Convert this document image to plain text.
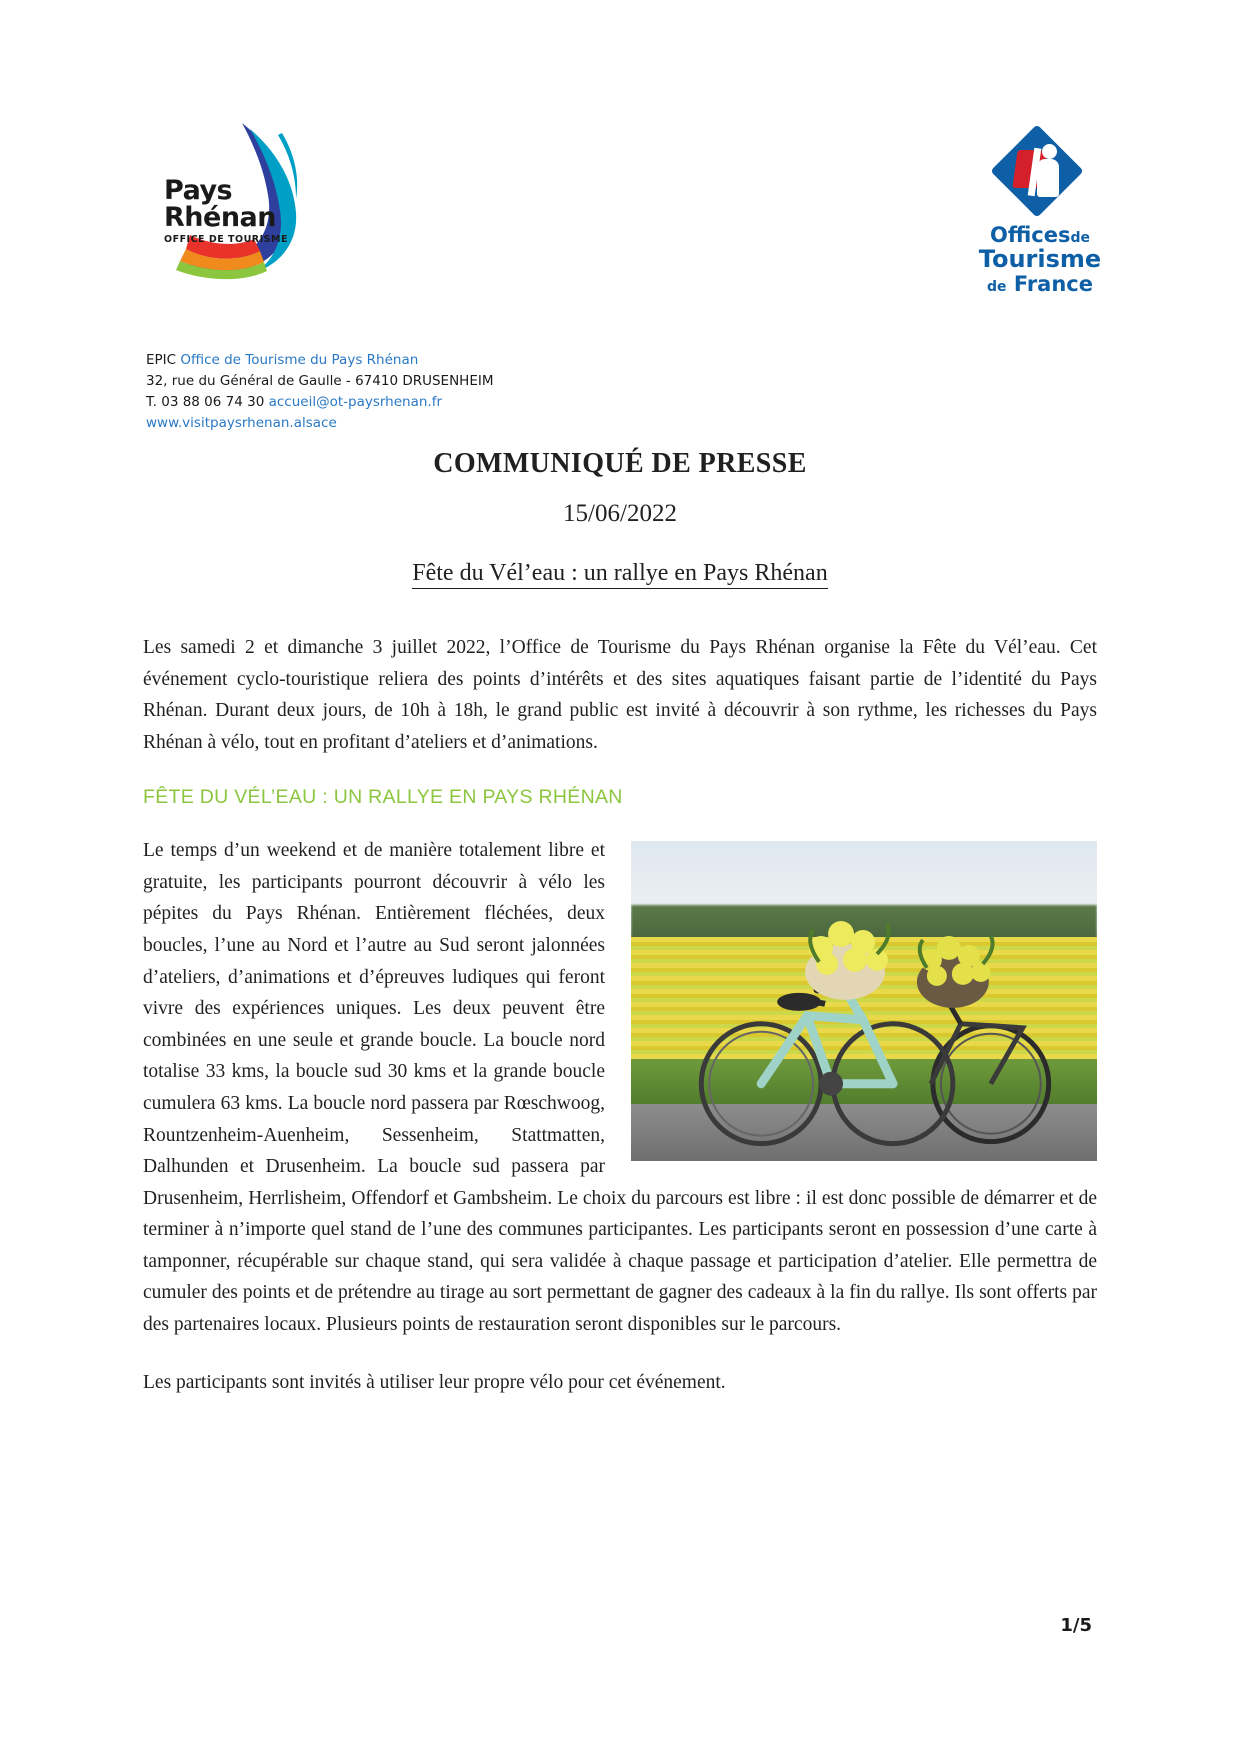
Pays
Rhénan
OFFICE DE TOURISME	Officesde
Tourisme
de France
EPIC Office de Tourisme du Pays Rhénan
32, rue du Général de Gaulle - 67410 DRUSENHEIM
T. 03 88 06 74 30 accueil@ot-paysrhenan.fr
www.visitpaysrhenan.alsace
COMMUNIQUÉ DE PRESSE
15/06/2022
Fête du Vél’eau : un rallye en Pays Rhénan

Les samedi 2 et dimanche 3 juillet 2022, l’Office de Tourisme du Pays Rhénan organise la Fête du Vél’eau. Cet événement cyclo-touristique reliera des points d’intérêts et des sites aquatiques faisant partie de l’identité du Pays Rhénan. Durant deux jours, de 10h à 18h, le grand public est invité à découvrir à son rythme, les richesses du Pays Rhénan à vélo, tout en profitant d’ateliers et d’animations.

FÊTE DU VÉL’EAU : UN RALLYE EN PAYS RHÉNAN

Le temps d’un weekend et de manière totalement libre et gratuite, les participants pourront découvrir à vélo les pépites du Pays Rhénan. Entièrement fléchées, deux boucles, l’une au Nord et l’autre au Sud seront jalonnées d’ateliers, d’animations et d’épreuves ludiques qui feront vivre des expériences uniques. Les deux peuvent être combinées en une seule et grande boucle. La boucle nord totalise 33 kms, la boucle sud 30 kms et la grande boucle cumulera 63 kms. La boucle nord passera par Rœschwoog, Rountzenheim-Auenheim, Sessenheim, Stattmatten, Dalhunden et Drusenheim. La boucle sud passera par Drusenheim, Herrlisheim, Offendorf et Gambsheim. Le choix du parcours est libre : il est donc possible de démarrer et de terminer à n’importe quel stand de l’une des communes participantes. Les participants seront en possession d’une carte à tamponner, récupérable sur chaque stand, qui sera validée à chaque passage et participation d’atelier. Elle permettra de cumuler des points et de prétendre au tirage au sort permettant de gagner des cadeaux à la fin du rallye. Ils sont offerts par des partenaires locaux. Plusieurs points de restauration seront disponibles sur le parcours.

Les participants sont invités à utiliser leur propre vélo pour cet événement.

1/5
